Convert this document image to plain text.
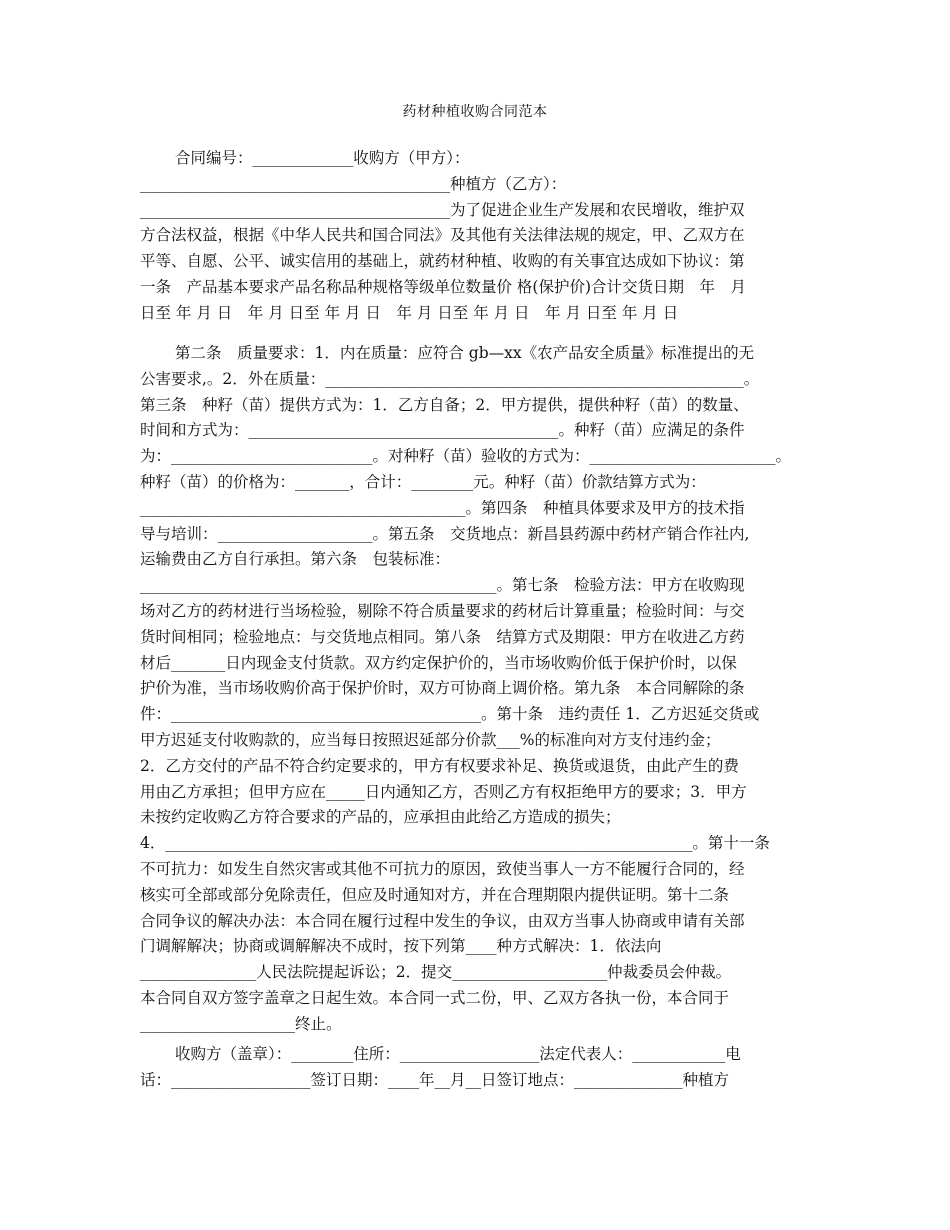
药材种植收购合同范本
合同编号：_____________收购方（甲方）：
________________________________________种植方（乙方）：
________________________________________为了促进企业生产发展和农民增收，维护双
方合法权益，根据《中华人民共和国合同法》及其他有关法律法规的规定，甲、乙双方在
平等、自愿、公平、诚实信用的基础上，就药材种植、收购的有关事宜达成如下协议：第
一条　产品基本要求产品名称品种规格等级单位数量价 格(保护价)合计交货日期　年　月
日至 年 月 日　年 月 日至 年 月 日　年 月 日至 年 月 日　年 月 日至 年 月 日
第二条　质量要求：1．内在质量：应符合 gb—xx《农产品安全质量》标准提出的无
公害要求,。2．外在质量：______________________________________________________。
第三条　种籽（苗）提供方式为：1．乙方自备；2．甲方提供，提供种籽（苗）的数量、
时间和方式为：________________________________________。种籽（苗）应满足的条件
为：__________________________。对种籽（苗）验收的方式为：________________________。
种籽（苗）的价格为：_______，合计：________元。种籽（苗）价款结算方式为：
__________________________________________。第四条　种植具体要求及甲方的技术指
导与培训：____________________。第五条　交货地点：新昌县药源中药材产销合作社内,
运输费由乙方自行承担。第六条　包装标准：
______________________________________________。第七条　检验方法：甲方在收购现
场对乙方的药材进行当场检验，剔除不符合质量要求的药材后计算重量；检验时间：与交
货时间相同；检验地点：与交货地点相同。第八条　结算方式及期限：甲方在收进乙方药
材后_______日内现金支付货款。双方约定保护价的，当市场收购价低于保护价时，以保
护价为准，当市场收购价高于保护价时，双方可协商上调价格。第九条　本合同解除的条
件：________________________________________。第十条　违约责任 1．乙方迟延交货或
甲方迟延支付收购款的，应当每日按照迟延部分价款___%的标准向对方支付违约金；
2．乙方交付的产品不符合约定要求的，甲方有权要求补足、换货或退货，由此产生的费
用由乙方承担；但甲方应在_____日内通知乙方，否则乙方有权拒绝甲方的要求；3．甲方
未按约定收购乙方符合要求的产品的，应承担由此给乙方造成的损失；
4．____________________________________________________________________。第十一条
不可抗力：如发生自然灾害或其他不可抗力的原因，致使当事人一方不能履行合同的，经
核实可全部或部分免除责任，但应及时通知对方，并在合理期限内提供证明。第十二条
合同争议的解决办法：本合同在履行过程中发生的争议，由双方当事人协商或申请有关部
门调解解决；协商或调解解决不成时，按下列第____种方式解决：1．依法向
_______________人民法院提起诉讼；2．提交____________________仲裁委员会仲裁。
本合同自双方签字盖章之日起生效。本合同一式二份，甲、乙双方各执一份，本合同于
____________________终止。
收购方（盖章）：________住所：__________________法定代表人：____________电
话：__________________签订日期：____年__月__日签订地点：______________种植方
